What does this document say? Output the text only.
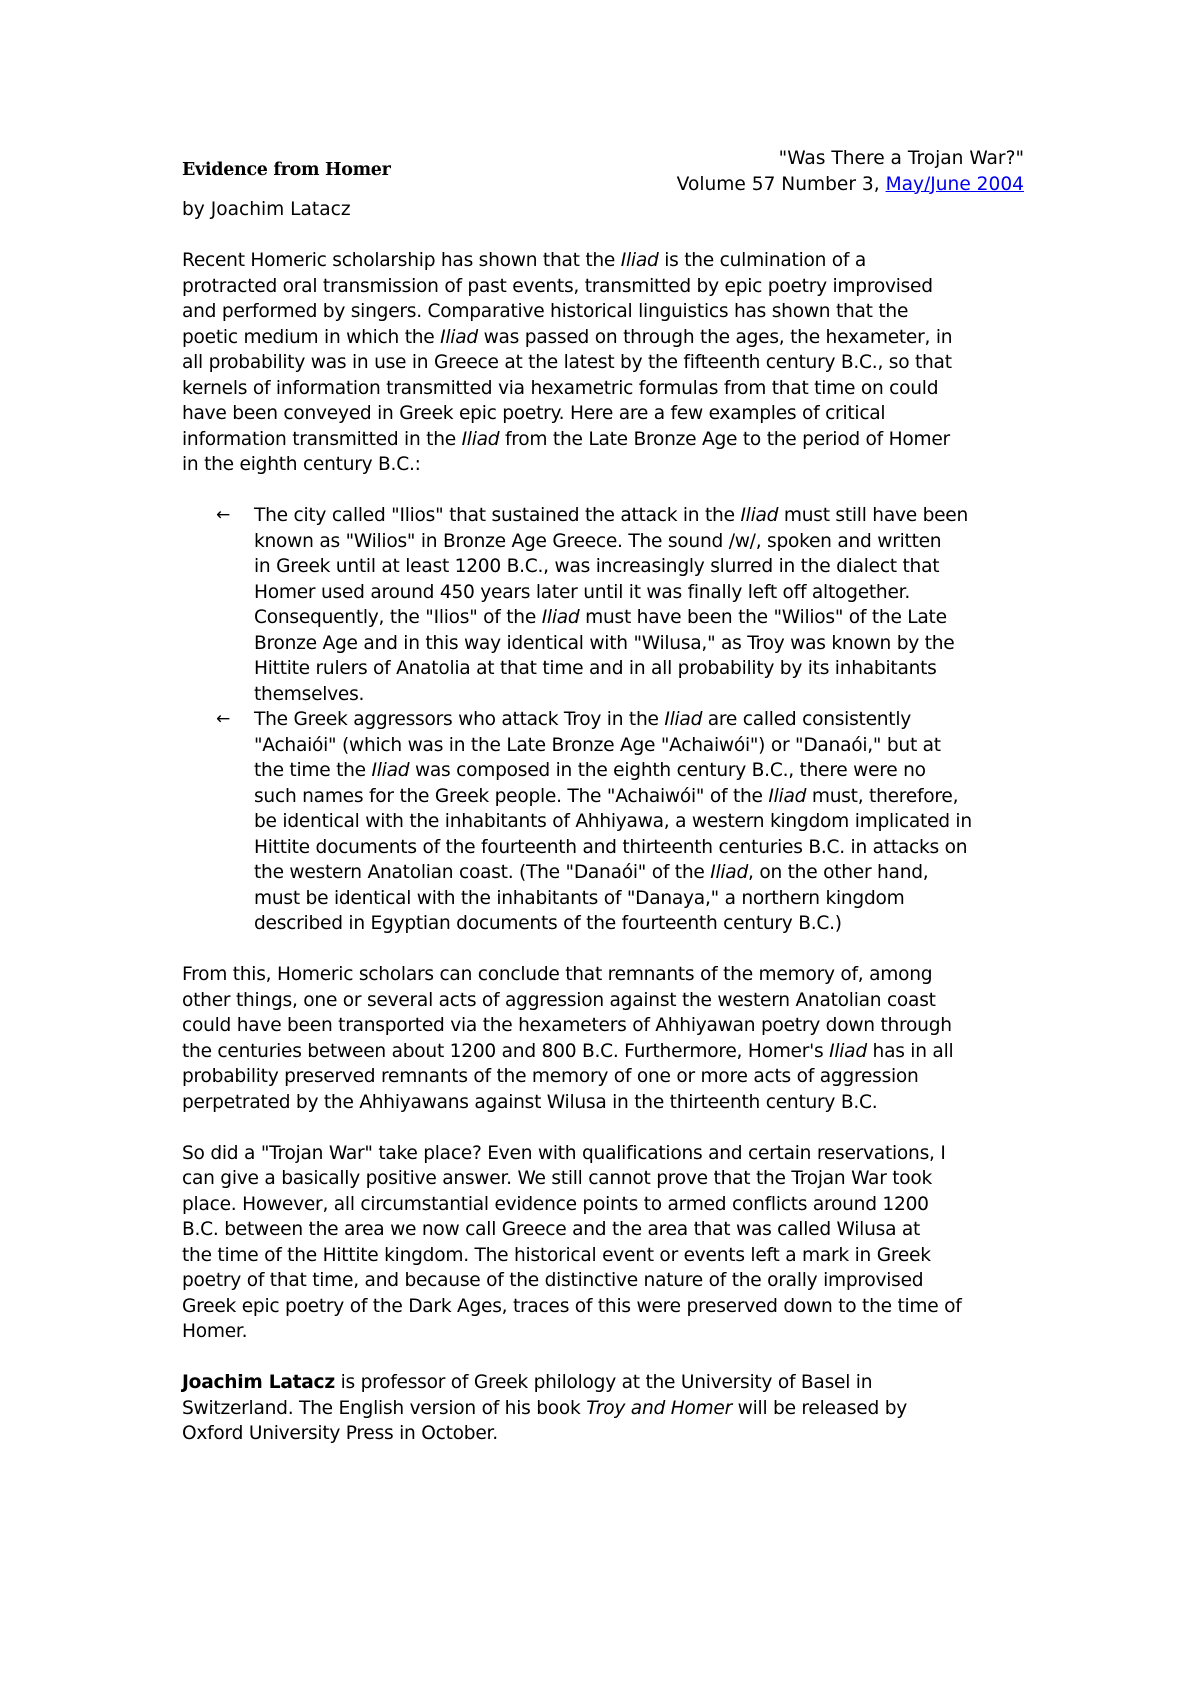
"Was There a Trojan War?"
Volume 57 Number 3, May/June 2004
Evidence from Homer
by Joachim Latacz

Recent Homeric scholarship has shown that the Iliad is the culmination of a
protracted oral transmission of past events, transmitted by epic poetry improvised
and performed by singers. Comparative historical linguistics has shown that the
poetic medium in which the Iliad was passed on through the ages, the hexameter, in
all probability was in use in Greece at the latest by the fifteenth century B.C., so that
kernels of information transmitted via hexametric formulas from that time on could
have been conveyed in Greek epic poetry. Here are a few examples of critical
information transmitted in the Iliad from the Late Bronze Age to the period of Homer
in the eighth century B.C.:

← The city called "Ilios" that sustained the attack in the Iliad must still have been
known as "Wilios" in Bronze Age Greece. The sound /w/, spoken and written
in Greek until at least 1200 B.C., was increasingly slurred in the dialect that
Homer used around 450 years later until it was finally left off altogether.
Consequently, the "Ilios" of the Iliad must have been the "Wilios" of the Late
Bronze Age and in this way identical with "Wilusa," as Troy was known by the
Hittite rulers of Anatolia at that time and in all probability by its inhabitants
themselves.
← The Greek aggressors who attack Troy in the Iliad are called consistently
"Achaiói" (which was in the Late Bronze Age "Achaiwói") or "Danaói," but at
the time the Iliad was composed in the eighth century B.C., there were no
such names for the Greek people. The "Achaiwói" of the Iliad must, therefore,
be identical with the inhabitants of Ahhiyawa, a western kingdom implicated in
Hittite documents of the fourteenth and thirteenth centuries B.C. in attacks on
the western Anatolian coast. (The "Danaói" of the Iliad, on the other hand,
must be identical with the inhabitants of "Danaya," a northern kingdom
described in Egyptian documents of the fourteenth century B.C.)

From this, Homeric scholars can conclude that remnants of the memory of, among
other things, one or several acts of aggression against the western Anatolian coast
could have been transported via the hexameters of Ahhiyawan poetry down through
the centuries between about 1200 and 800 B.C. Furthermore, Homer's Iliad has in all
probability preserved remnants of the memory of one or more acts of aggression
perpetrated by the Ahhiyawans against Wilusa in the thirteenth century B.C.

So did a "Trojan War" take place? Even with qualifications and certain reservations, I
can give a basically positive answer. We still cannot prove that the Trojan War took
place. However, all circumstantial evidence points to armed conflicts around 1200
B.C. between the area we now call Greece and the area that was called Wilusa at
the time of the Hittite kingdom. The historical event or events left a mark in Greek
poetry of that time, and because of the distinctive nature of the orally improvised
Greek epic poetry of the Dark Ages, traces of this were preserved down to the time of
Homer.

Joachim Latacz is professor of Greek philology at the University of Basel in
Switzerland. The English version of his book Troy and Homer will be released by
Oxford University Press in October.
